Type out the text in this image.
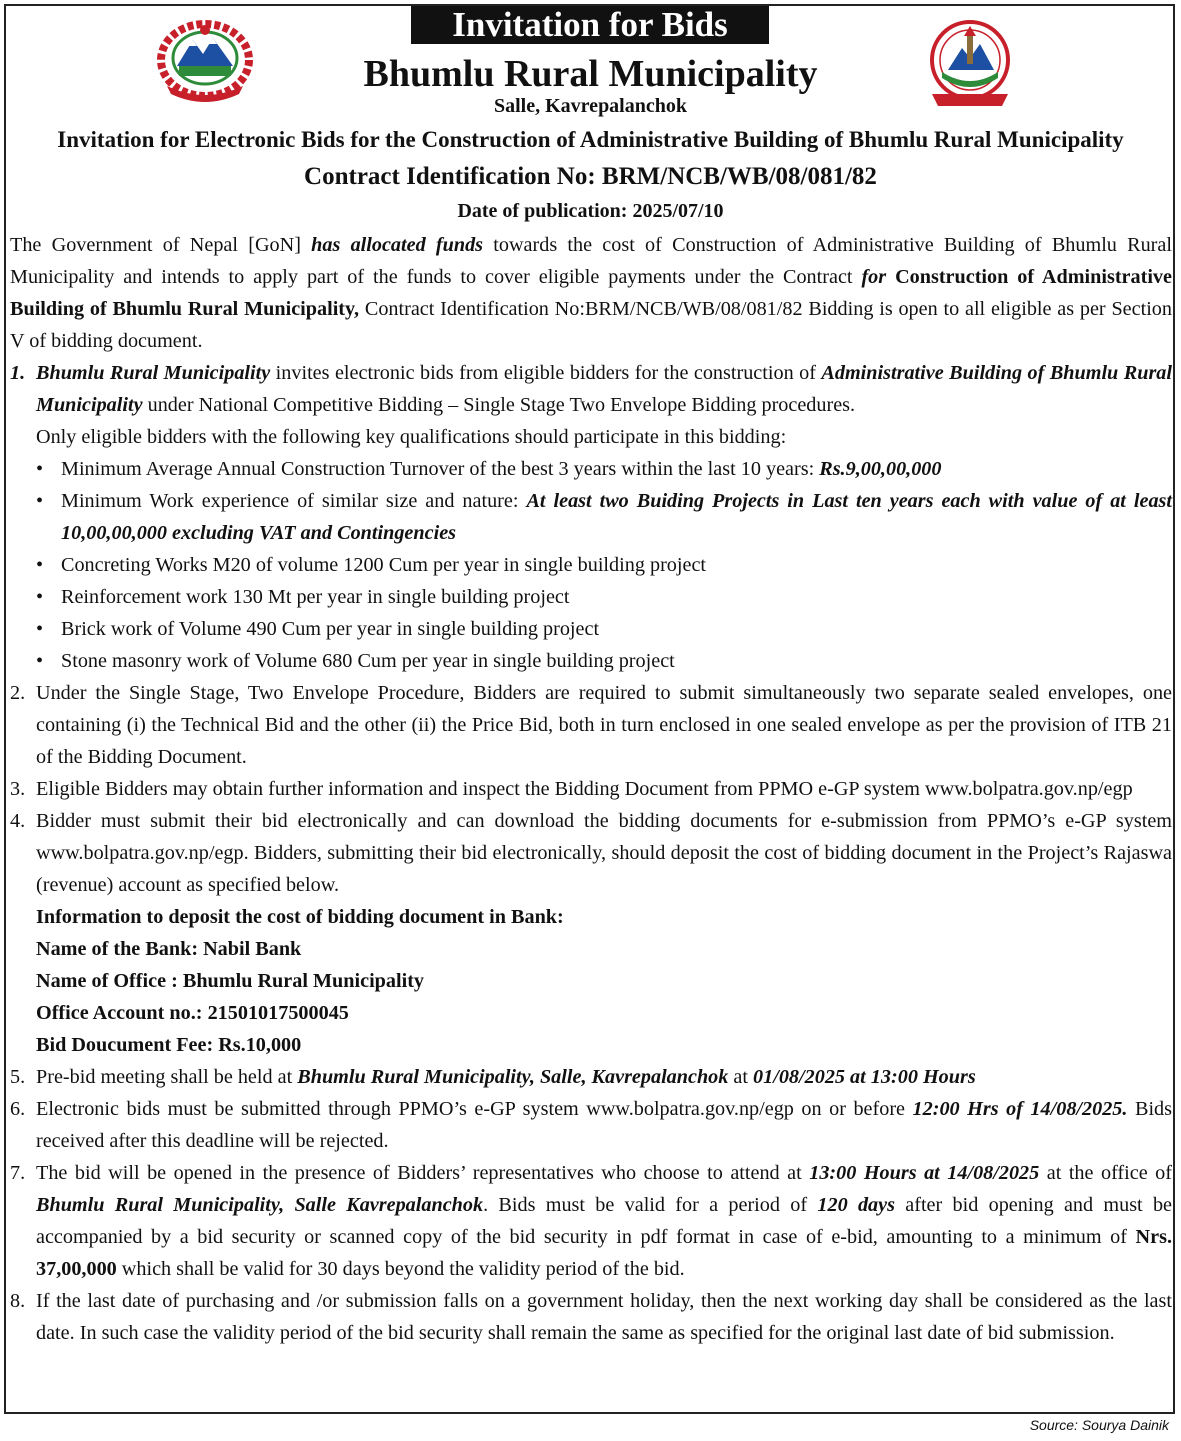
Invitation for Bids
Bhumlu Rural Municipality
Salle, Kavrepalanchok
Invitation for Electronic Bids for the Construction of Administrative Building of Bhumlu Rural Municipality
Contract Identification No: BRM/NCB/WB/08/081/82
Date of publication: 2025/07/10

The Government of Nepal [GoN] has allocated funds towards the cost of Construction of Administrative Building of Bhumlu Rural Municipality and intends to apply part of the funds to cover eligible payments under the Contract for Construction of Administrative Building of Bhumlu Rural Municipality, Contract Identification No:BRM/NCB/WB/08/081/82 Bidding is open to all eligible as per Section V of bidding document.

1. Bhumlu Rural Municipality invites electronic bids from eligible bidders for the construction of Administrative Building of Bhumlu Rural Municipality under National Competitive Bidding – Single Stage Two Envelope Bidding procedures.

Only eligible bidders with the following key qualifications should participate in this bidding:

• Minimum Average Annual Construction Turnover of the best 3 years within the last 10 years: Rs.9,00,00,000
• Minimum Work experience of similar size and nature: At least two Buiding Projects in Last ten years each with value of at least 10,00,00,000 excluding VAT and Contingencies
• Concreting Works M20 of volume 1200 Cum per year in single building project
• Reinforcement work 130 Mt per year in single building project
• Brick work of Volume 490 Cum per year in single building project
• Stone masonry work of Volume 680 Cum per year in single building project
2. Under the Single Stage, Two Envelope Procedure, Bidders are required to submit simultaneously two separate sealed envelopes, one containing (i) the Technical Bid and the other (ii) the Price Bid, both in turn enclosed in one sealed envelope as per the provision of ITB 21 of the Bidding Document.

3. Eligible Bidders may obtain further information and inspect the Bidding Document from PPMO e-GP system www.bolpatra.gov.np/egp

4. Bidder must submit their bid electronically and can download the bidding documents for e-submission from PPMO’s e-GP system www.bolpatra.gov.np/egp. Bidders, submitting their bid electronically, should deposit the cost of bidding document in the Project’s Rajaswa (revenue) account as specified below.

Information to deposit the cost of bidding document in Bank:

Name of the Bank: Nabil Bank

Name of Office : Bhumlu Rural Municipality

Office Account no.: 21501017500045

Bid Doucument Fee: Rs.10,000

5. Pre-bid meeting shall be held at Bhumlu Rural Municipality, Salle, Kavrepalanchok at 01/08/2025 at 13:00 Hours

6. Electronic bids must be submitted through PPMO’s e-GP system www.bolpatra.gov.np/egp on or before 12:00 Hrs of 14/08/2025. Bids received after this deadline will be rejected.

7. The bid will be opened in the presence of Bidders’ representatives who choose to attend at 13:00 Hours at 14/08/2025 at the office of Bhumlu Rural Municipality, Salle Kavrepalanchok. Bids must be valid for a period of 120 days after bid opening and must be accompanied by a bid security or scanned copy of the bid security in pdf format in case of e-bid, amounting to a minimum of Nrs. 37,00,000 which shall be valid for 30 days beyond the validity period of the bid.

8. If the last date of purchasing and /or submission falls on a government holiday, then the next working day shall be considered as the last date. In such case the validity period of the bid security shall remain the same as specified for the original last date of bid submission.

Source: Sourya Dainik
